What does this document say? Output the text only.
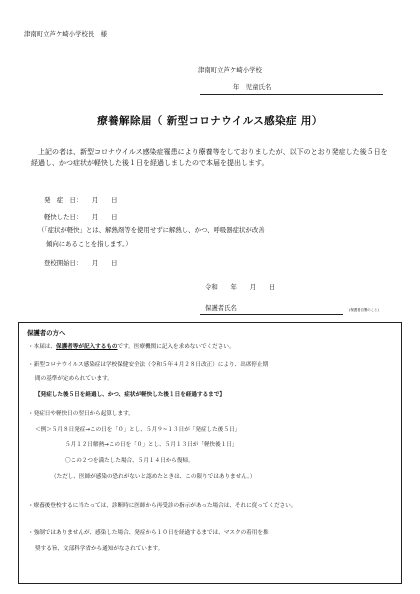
津南町立芦ケ崎小学校長　様
津南町立芦ケ崎小学校
年　児童氏名
療養解除届（ 新型コロナウイルス感染症 用）
上記の者は、新型コロナウイルス感染症罹患により療養等をしておりましたが、以下のとおり発症した後５日を経過し、かつ症状が軽快した後１日を経過しましたので本届を提出します。
発　症　日：　　月　　日
軽快した日：　　月　　日
（「症状が軽快」とは、解熱剤等を使用せずに解熱し、かつ、呼吸器症状が改善
傾向にあることを指します。）
登校開始日：　　月　　日
令和　　年　　月　　日
保護者氏名	(保護者自署のこと)
保護者の方へ
・本届は、保護者等が記入するものです。医療機関に記入を求めないでください。
・新型コロナウイルス感染症は学校保健安全法（令和５年４月２８日改正）により、出席停止期
間の基準が定められています。
【発症した後５日を経過し、かつ、症状が軽快した後１日を経過するまで】
・発症日や軽快日の翌日から起算します。
＜例＞５月８日発症→この日を「０」とし、５月９~１３日が「発症した後５日」
５月１２日解熱→この日を「０」とし、５月１３日が「軽快後１日」
〇この２つを満たした場合、５月１４日から復帰。
（ただし、医師が感染の恐れがないと認めたときは、この限りではありません。）
・療養後登校するに当たっては、診断時に医師から再受診の指示があった場合は、それに従ってください。
・強制ではありませんが、感染した場合、発症から１０日を経過するまでは、マスクの着用を推
奨する旨、文部科学省から通知がなされています。
